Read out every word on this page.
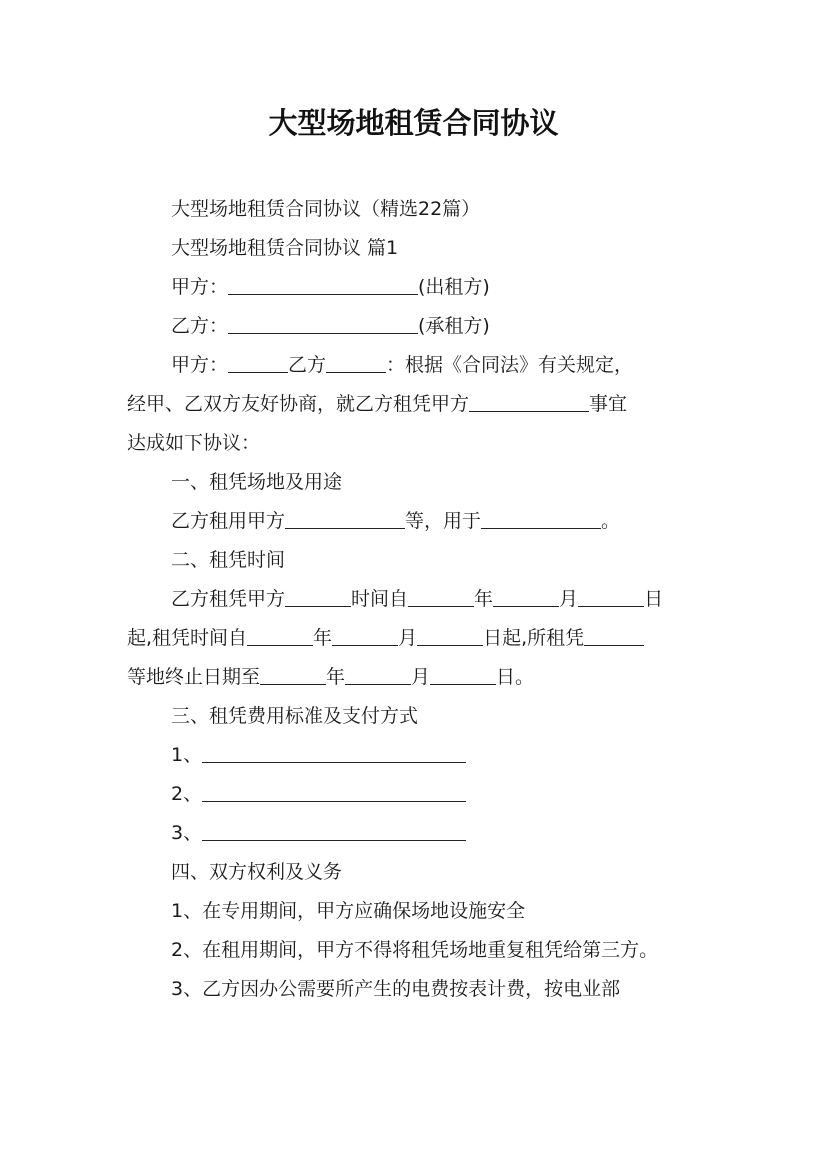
大型场地租赁合同协议

大型场地租赁合同协议（精选22篇）

大型场地租赁合同协议 篇1

甲方：	(出租方)

乙方：	(承租方)

甲方：	乙方	：根据《合同法》有关规定，

经甲、乙双方友好协商，就乙方租凭甲方	事宜

达成如下协议：

一、租凭场地及用途

乙方租用甲方	等，用于	。

二、租凭时间

乙方租凭甲方	时间自	年	月	日

起,租凭时间自	年	月	日起,所租凭

等地终止日期至	年	月	日。

三、租凭费用标准及支付方式

1、

2、

3、

四、双方权利及义务

1、在专用期间，甲方应确保场地设施安全

2、在租用期间，甲方不得将租凭场地重复租凭给第三方。

3、乙方因办公需要所产生的电费按表计费，按电业部
